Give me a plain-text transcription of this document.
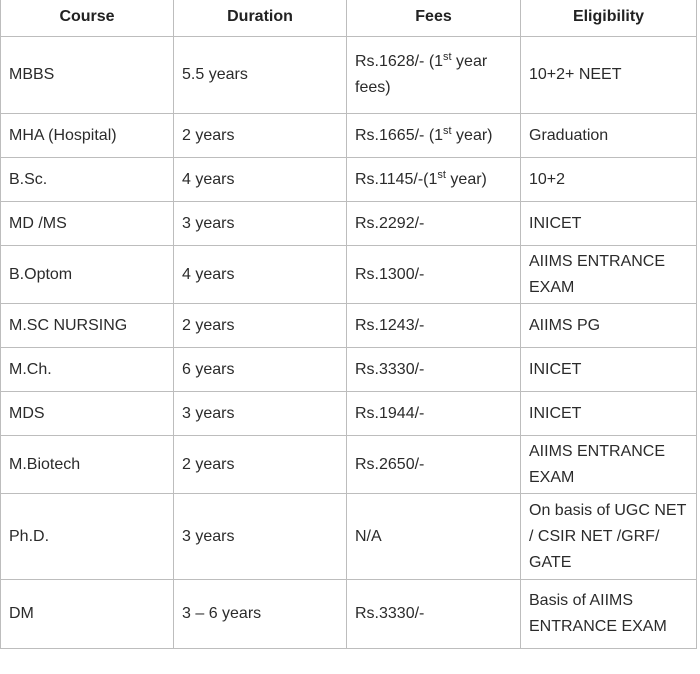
Course	Duration	Fees	Eligibility
MBBS	5.5 years	Rs.1628/- (1st year fees)	10+2+ NEET
MHA (Hospital)	2 years	Rs.1665/- (1st year)	Graduation
B.Sc.	4 years	Rs.1145/-(1st year)	10+2
MD /MS	3 years	Rs.2292/-	INICET
B.Optom	4 years	Rs.1300/-	AIIMS ENTRANCE EXAM
M.SC NURSING	2 years	Rs.1243/-	AIIMS PG
M.Ch.	6 years	Rs.3330/-	INICET
MDS	3 years	Rs.1944/-	INICET
M.Biotech	2 years	Rs.2650/-	AIIMS ENTRANCE EXAM
Ph.D.	3 years	N/A	On basis of UGC NET / CSIR NET /GRF/ GATE
DM	3 – 6 years	Rs.3330/-	Basis of AIIMS ENTRANCE EXAM
